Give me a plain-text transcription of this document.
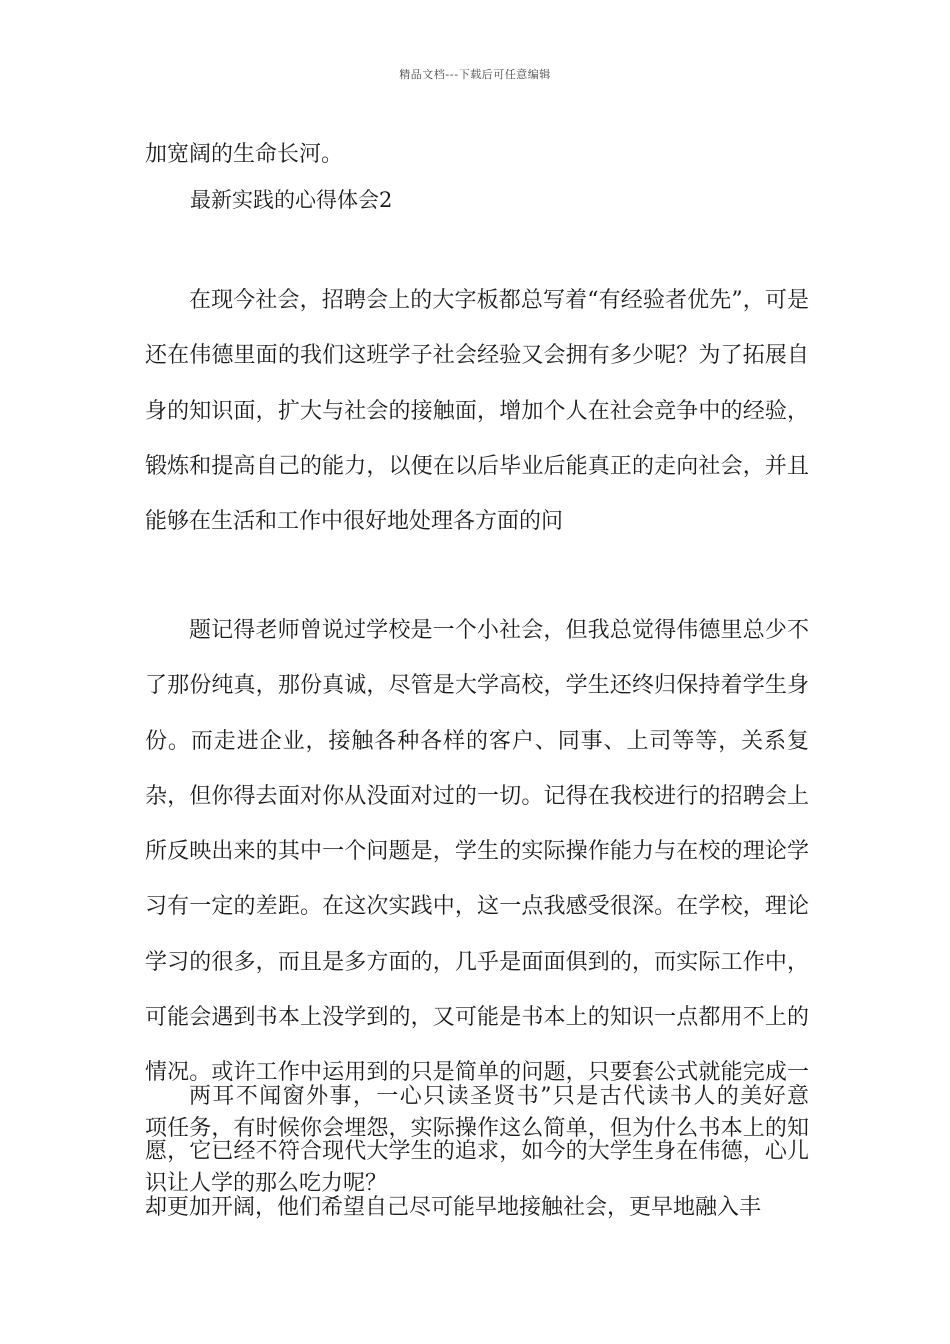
精品文档---下载后可任意编辑
加宽阔的生命长河。
最新实践的心得体会2

在现今社会，招聘会上的大字板都总写着“有经验者优先”，可是还在伟德里面的我们这班学子社会经验又会拥有多少呢？为了拓展自身的知识面，扩大与社会的接触面，增加个人在社会竞争中的经验，锻炼和提高自己的能力，以便在以后毕业后能真正的走向社会，并且能够在生活和工作中很好地处理各方面的问

题记得老师曾说过学校是一个小社会，但我总觉得伟德里总少不了那份纯真，那份真诚，尽管是大学高校，学生还终归保持着学生身份。而走进企业，接触各种各样的客户、同事、上司等等，关系复杂，但你得去面对你从没面对过的一切。记得在我校进行的招聘会上所反映出来的其中一个问题是，学生的实际操作能力与在校的理论学习有一定的差距。在这次实践中，这一点我感受很深。在学校，理论学习的很多，而且是多方面的，几乎是面面俱到的，而实际工作中，可能会遇到书本上没学到的，又可能是书本上的知识一点都用不上的情况。或许工作中运用到的只是简单的问题，只要套公式就能完成一项任务，有时候你会埋怨，实际操作这么简单，但为什么书本上的知识让人学的那么吃力呢？

两耳不闻窗外事，一心只读圣贤书”只是古代读书人的美好意愿，它已经不符合现代大学生的追求，如今的大学生身在伟德，心儿却更加开阔，他们希望自己尽可能早地接触社会，更早地融入丰
